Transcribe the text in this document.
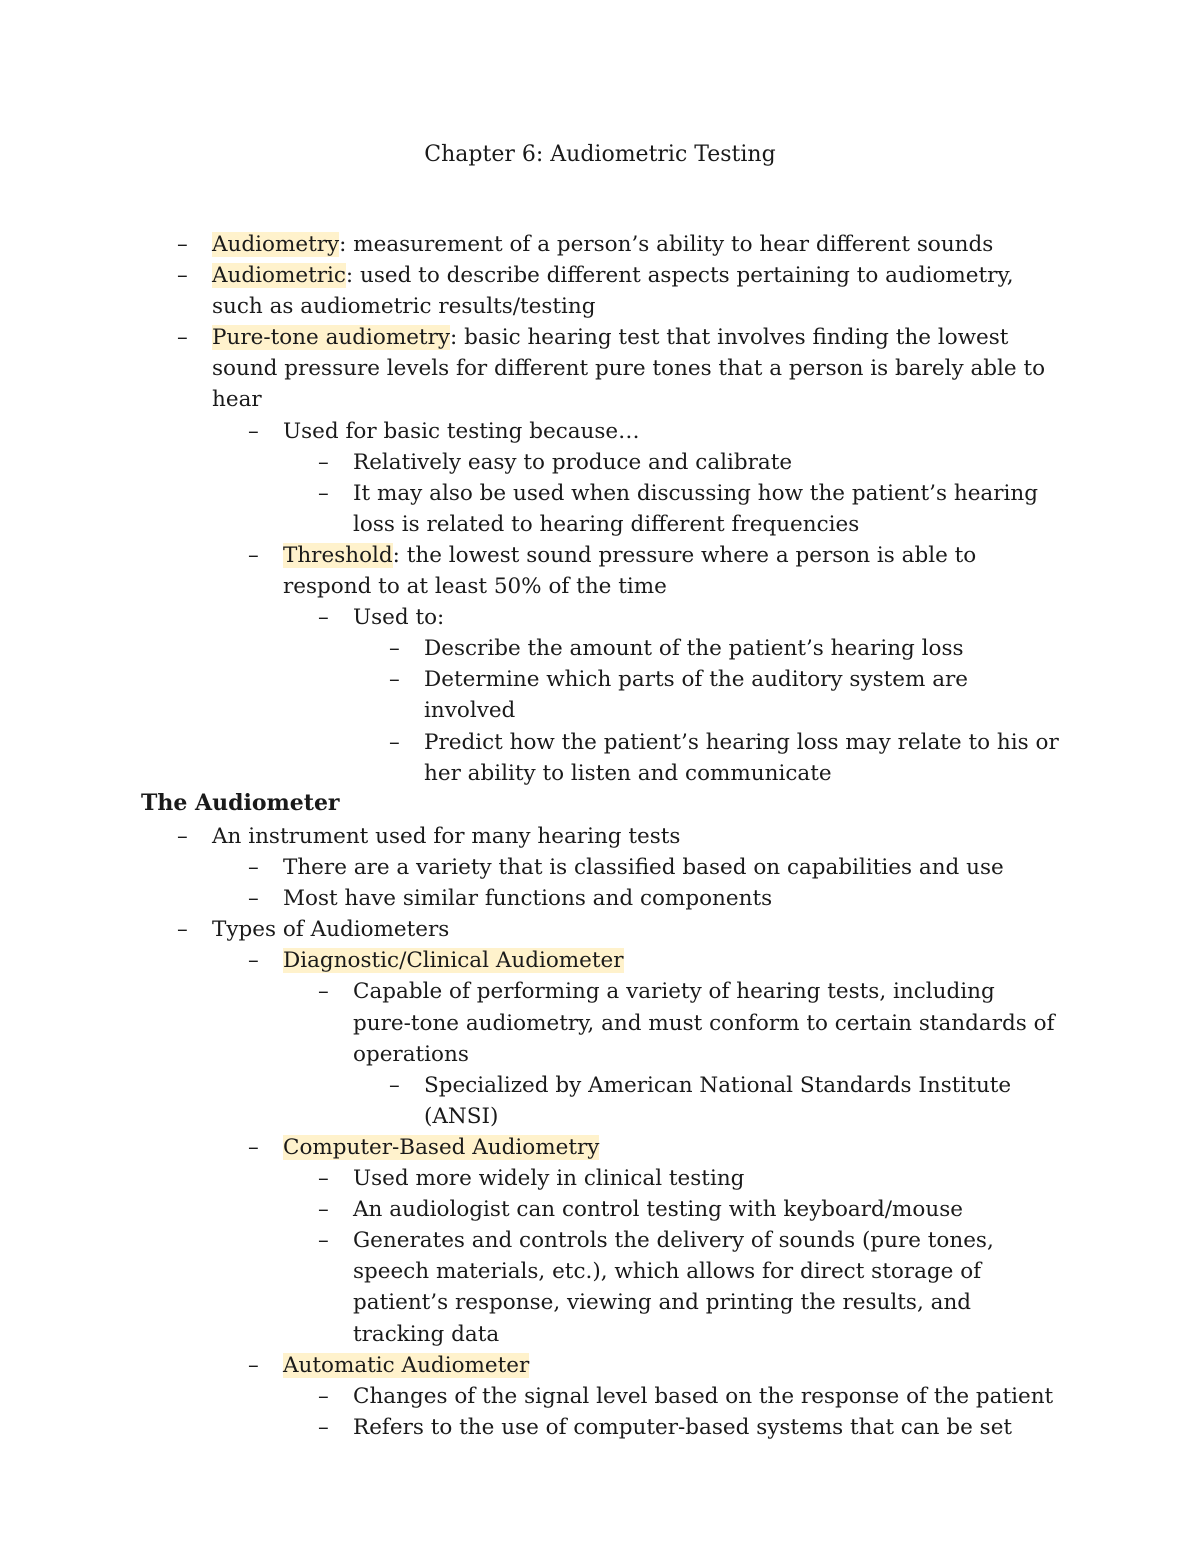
Chapter 6: Audiometric Testing
– Audiometry: measurement of a person’s ability to hear different sounds
– Audiometric: used to describe different aspects pertaining to audiometry, such as audiometric results/testing
– Pure-tone audiometry: basic hearing test that involves finding the lowest sound pressure levels for different pure tones that a person is barely able to hear
– Used for basic testing because…
– Relatively easy to produce and calibrate
– It may also be used when discussing how the patient’s hearing loss is related to hearing different frequencies
– Threshold: the lowest sound pressure where a person is able to respond to at least 50% of the time
– Used to:
– Describe the amount of the patient’s hearing loss
– Determine which parts of the auditory system are involved
– Predict how the patient’s hearing loss may relate to his or her ability to listen and communicate
The Audiometer
– An instrument used for many hearing tests
– There are a variety that is classified based on capabilities and use
– Most have similar functions and components
– Types of Audiometers
– Diagnostic/Clinical Audiometer
– Capable of performing a variety of hearing tests, including pure-tone audiometry, and must conform to certain standards of operations
– Specialized by American National Standards Institute (ANSI)
– Computer-Based Audiometry
– Used more widely in clinical testing
– An audiologist can control testing with keyboard/mouse
– Generates and controls the delivery of sounds (pure tones, speech materials, etc.), which allows for direct storage of patient’s response, viewing and printing the results, and tracking data
– Automatic Audiometer
– Changes of the signal level based on the response of the patient
– Refers to the use of computer-based systems that can be set
